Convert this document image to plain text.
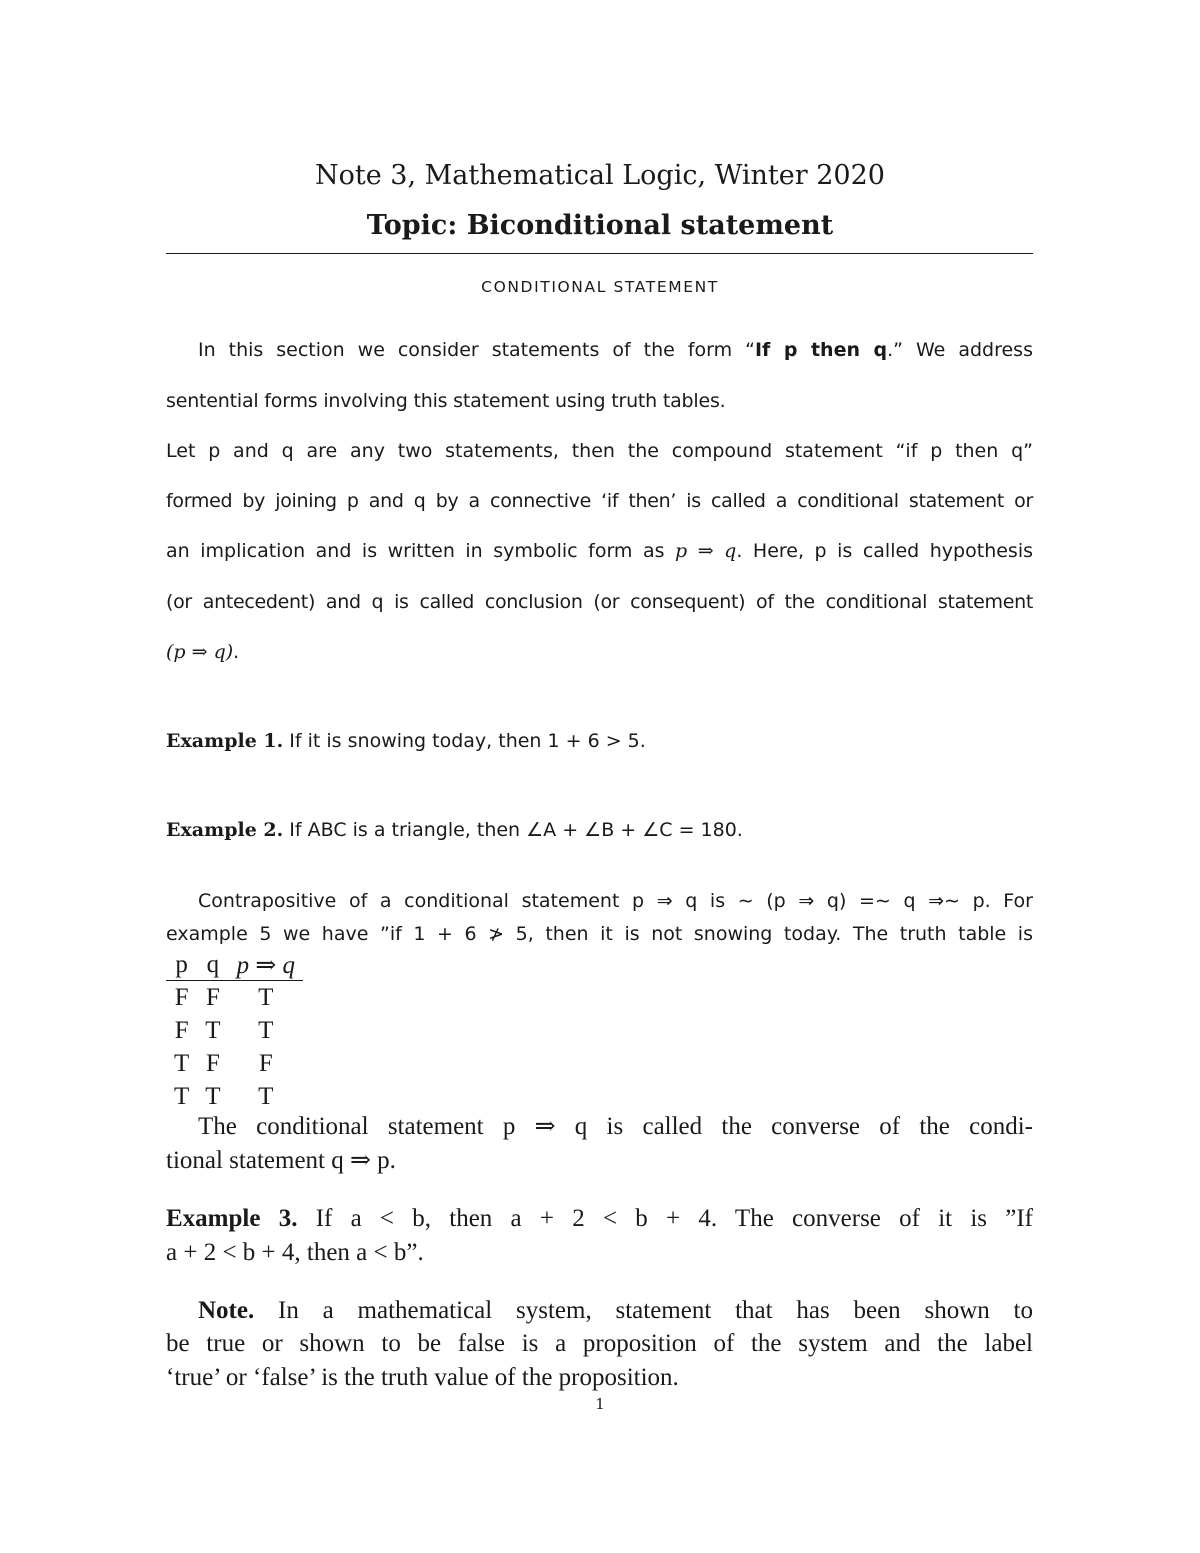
Note 3, Mathematical Logic, Winter 2020
Topic: Biconditional statement
CONDITIONAL STATEMENT
In this section we consider statements of the form “If p then q.” We address
sentential forms involving this statement using truth tables.
Let p and q are any two statements, then the compound statement “if p then q”
formed by joining p and q by a connective ‘if then’ is called a conditional statement or
an implication and is written in symbolic form as p ⇒ q. Here, p is called hypothesis
(or antecedent) and q is called conclusion (or consequent) of the conditional statement
(p ⇒ q).
Example 1. If it is snowing today, then 1 + 6 > 5.
Example 2. If ABC is a triangle, then ∠A + ∠B + ∠C = 180.
Contrapositive of a conditional statement p ⇒ q is ∼ (p ⇒ q) =∼ q ⇒∼ p. For
example 5 we have ”if 1 + 6 ≯ 5, then it is not snowing today. The truth table is
p	q	p ⇒ q
F	F	T
F	T	T
T	F	F
T	T	T
The conditional statement p ⇒ q is called the converse of the condi-
tional statement q ⇒ p.
Example 3. If a < b, then a + 2 < b + 4. The converse of it is ”If
a + 2 < b + 4, then a < b”.
Note. In a mathematical system, statement that has been shown to
be true or shown to be false is a proposition of the system and the label
‘true’ or ‘false’ is the truth value of the proposition.
1
